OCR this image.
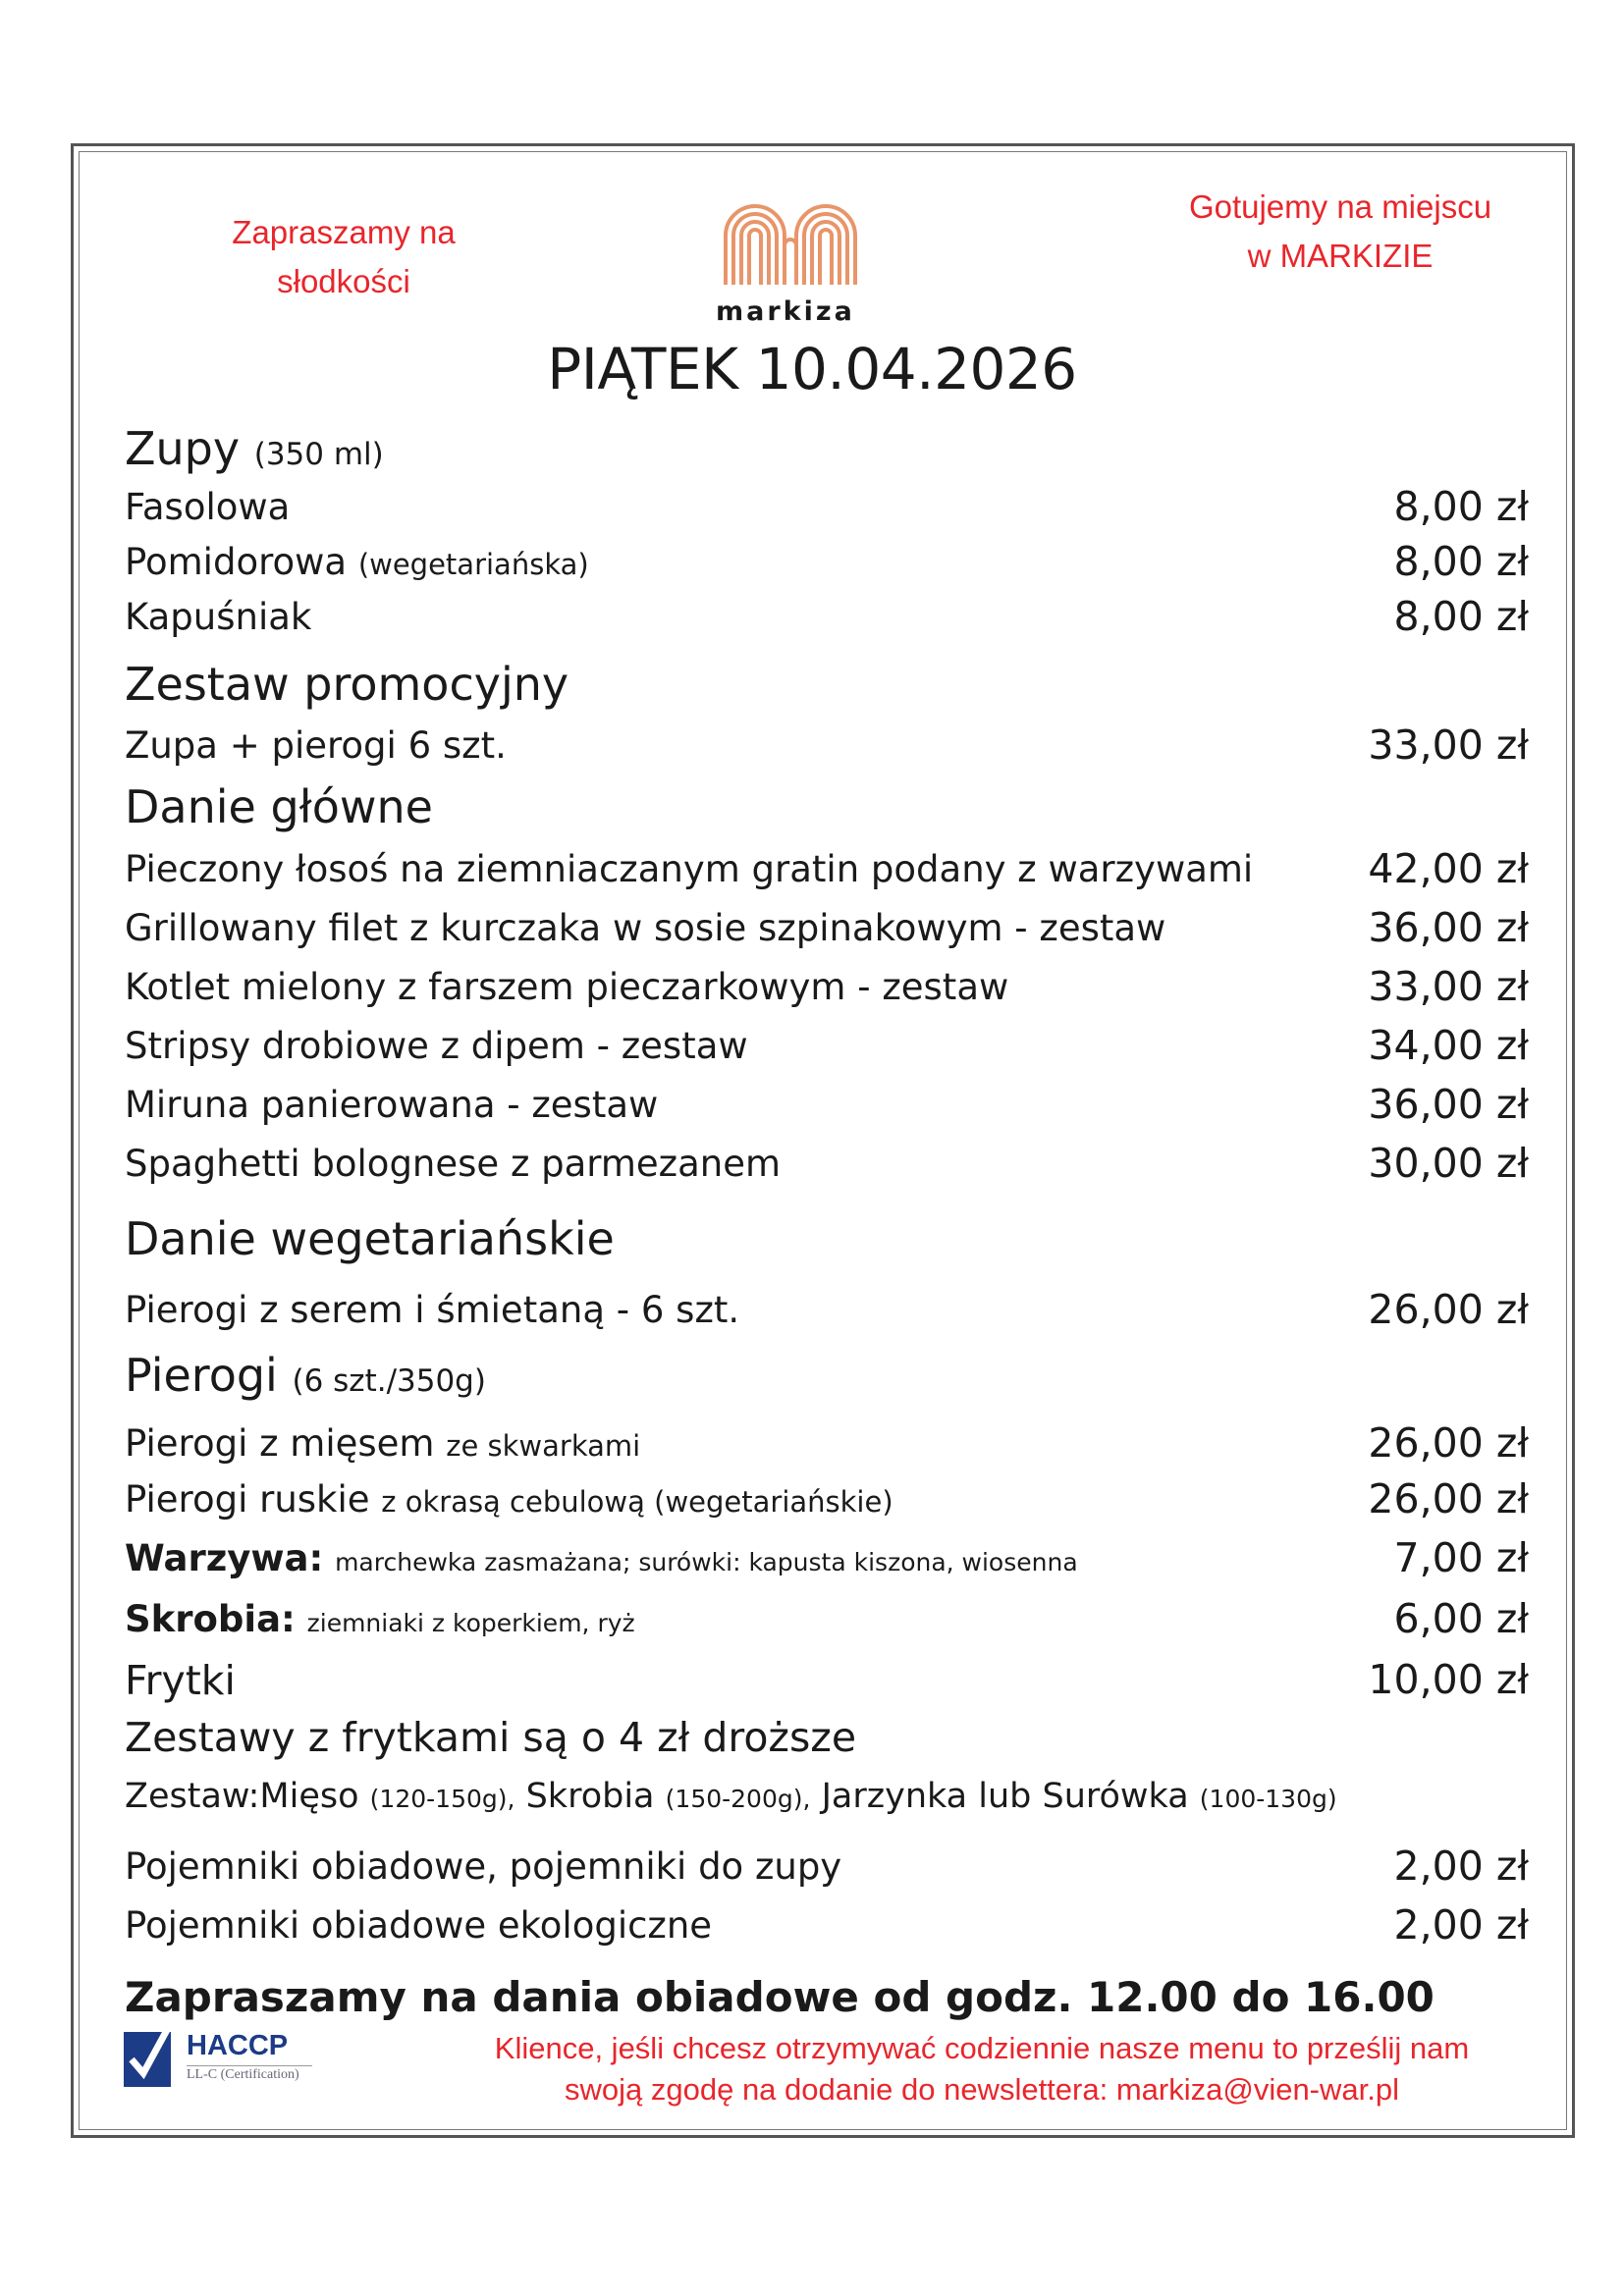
Zapraszamy na
słodkości
Gotujemy na miejscu
w MARKIZIE
markiza
PIĄTEK 10.04.2026
Zupy (350 ml)
Fasolowa	8,00 zł
Pomidorowa (wegetariańska)	8,00 zł
Kapuśniak	8,00 zł
Zestaw promocyjny
Zupa + pierogi 6 szt.	33,00 zł
Danie główne
Pieczony łosoś na ziemniaczanym gratin podany z warzywami	42,00 zł
Grillowany filet z kurczaka w sosie szpinakowym - zestaw	36,00 zł
Kotlet mielony z farszem pieczarkowym - zestaw	33,00 zł
Stripsy drobiowe z dipem - zestaw	34,00 zł
Miruna panierowana - zestaw	36,00 zł
Spaghetti bolognese z parmezanem	30,00 zł
Danie wegetariańskie
Pierogi z serem i śmietaną - 6 szt.	26,00 zł
Pierogi (6 szt./350g)
Pierogi z mięsem ze skwarkami	26,00 zł
Pierogi ruskie z okrasą cebulową (wegetariańskie)	26,00 zł
Warzywa: marchewka zasmażana; surówki: kapusta kiszona, wiosenna	7,00 zł
Skrobia: ziemniaki z koperkiem, ryż	6,00 zł
Frytki	10,00 zł
Zestawy z frytkami są o 4 zł droższe
Zestaw:Mięso (120-150g), Skrobia (150-200g), Jarzynka lub Surówka (100-130g)
Pojemniki obiadowe, pojemniki do zupy	2,00 zł
Pojemniki obiadowe ekologiczne	2,00 zł
Zapraszamy na dania obiadowe od godz. 12.00 do 16.00
HACCP
LL-C (Certification)
Klience, jeśli chcesz otrzymywać codziennie nasze menu to prześlij nam
swoją zgodę na dodanie do newslettera: markiza@vien-war.pl
